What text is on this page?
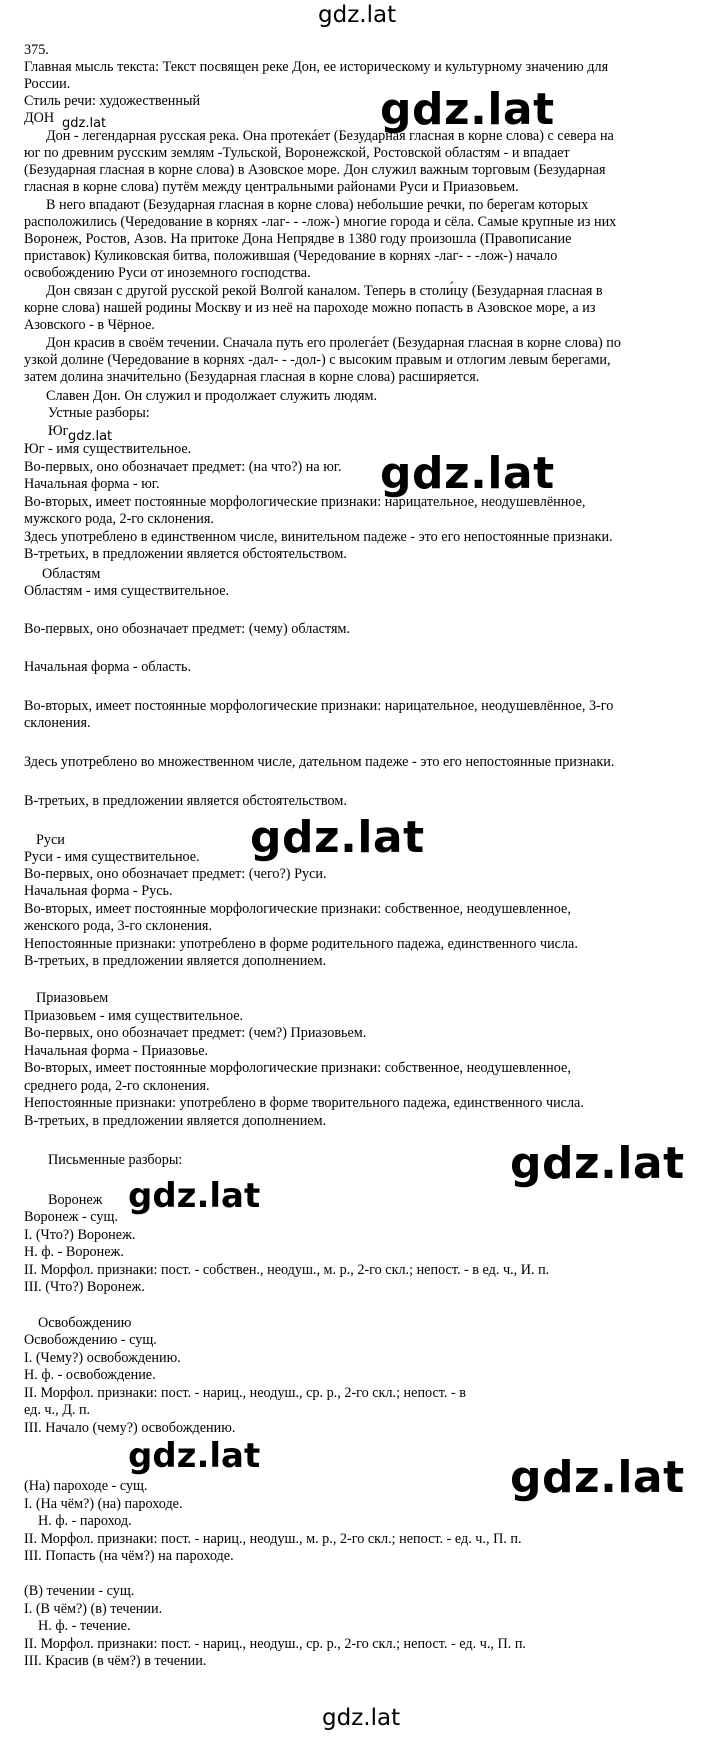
gdz.lat
375.
Главная мысль текста: Текст посвящен реке Дон, ее историческому и культурному значению для
России.
Стиль речи: художественный
ДОН
Дон - легендарная русская река. Она протекáет (Безударная гласная в корне слова) с севера на
юг по древним русским землям -Тульской, Воронежской, Ростовской областям - и впадает
(Безударная гласная в корне слова) в Азовское море. Дон служил важным торговым (Безударная
гласная в корне слова) путём между центральными районами Руси и Приазовьем.
В него впадают (Безударная гласная в корне слова) небольшие речки, по берегам которых
расположились (Чередование в корнях -лаг- - -лож-) многие города и сёла. Самые крупные из них
Воронеж, Ростов, Азов. На притоке Дона Непрядве в 1380 году произошла (Правописание
приставок) Куликовская битва, положившая (Чередование в корнях -лаг- - -лож-) начало
освобождению Руси от иноземного господства.
Дон связан с другой русской рекой Волгой каналом. Теперь в столи́цу (Безударная гласная в
корне слова) нашей родины Москву и из неё на пароходе можно попасть в Азовское море, а из
Азовского - в Чёрное.
Дон красив в своём течении. Сначала путь его пролегáет (Безударная гласная в корне слова) по
узкой долине (Чередование в корнях -дал- - -дол-) с высоким правым и отлогим левым берегами,
затем долина значи́тельно (Безударная гласная в корне слова) расширяется.
Славен Дон. Он служил и продолжает служить людям.
Устные разборы:
gdz.lat	gdz.lat
Юг gdz.lat
Юг - имя существительное.
Во-первых, оно обозначает предмет: (на что?) на юг.
Начальная форма - юг.
Во-вторых, имеет постоянные морфологические признаки: нарицательное, неодушевлённое,
мужского рода, 2-го склонения.
Здесь употреблено в единственном числе, винительном падеже - это его непостоянные признаки.
В-третьих, в предложении является обстоятельством.
gdz.lat
Областям
Областям - имя существительное.
Во-первых, оно обозначает предмет: (чему) областям.
Начальная форма - область.
Во-вторых, имеет постоянные морфологические признаки: нарицательное, неодушевлённое, 3-го
склонения.
Здесь употреблено во множественном числе, дательном падеже - это его непостоянные признаки.
В-третьих, в предложении является обстоятельством.
Руси
Руси - имя существительное.
Во-первых, оно обозначает предмет: (чего?) Руси.
Начальная форма - Русь.
Во-вторых, имеет постоянные морфологические признаки: собственное, неодушевленное,
женского рода, 3-го склонения.
Непостоянные признаки: употреблено в форме родительного падежа, единственного числа.
В-третьих, в предложении является дополнением.
gdz.lat
Приазовьем
Приазовьем - имя существительное.
Во-первых, оно обозначает предмет: (чем?) Приазовьем.
Начальная форма - Приазовье.
Во-вторых, имеет постоянные морфологические признаки: собственное, неодушевленное,
среднего рода, 2-го склонения.
Непостоянные признаки: употреблено в форме творительного падежа, единственного числа.
В-третьих, в предложении является дополнением.
Письменные разборы:	gdz.lat
Воронеж gdz.lat
Воронеж - сущ.
I. (Что?) Воронеж.
Н. ф. - Воронеж.
II. Морфол. признаки: пост. - собствен., неодуш., м. р., 2-го скл.; непост. - в ед. ч., И. п.
III. (Что?) Воронеж.
Освобождению
Освобождению - сущ.
I. (Чему?) освобождению.
Н. ф. - освобождение.
II. Морфол. признаки: пост. - нариц., неодуш., ср. р., 2-го скл.; непост. - в
ед. ч., Д. п.
III. Начало (чему?) освобождению.
gdz.lat	gdz.lat
(На) пароходе - сущ.
I. (На чём?) (на) пароходе.
Н. ф. - пароход.
II. Морфол. признаки: пост. - нариц., неодуш., м. р., 2-го скл.; непост. - ед. ч., П. п.
III. Попасть (на чём?) на пароходе.
(В) течении - сущ.
I. (В чём?) (в) течении.
Н. ф. - течение.
II. Морфол. признаки: пост. - нариц., неодуш., ср. р., 2-го скл.; непост. - ед. ч., П. п.
III. Красив (в чём?) в течении.
gdz.lat
